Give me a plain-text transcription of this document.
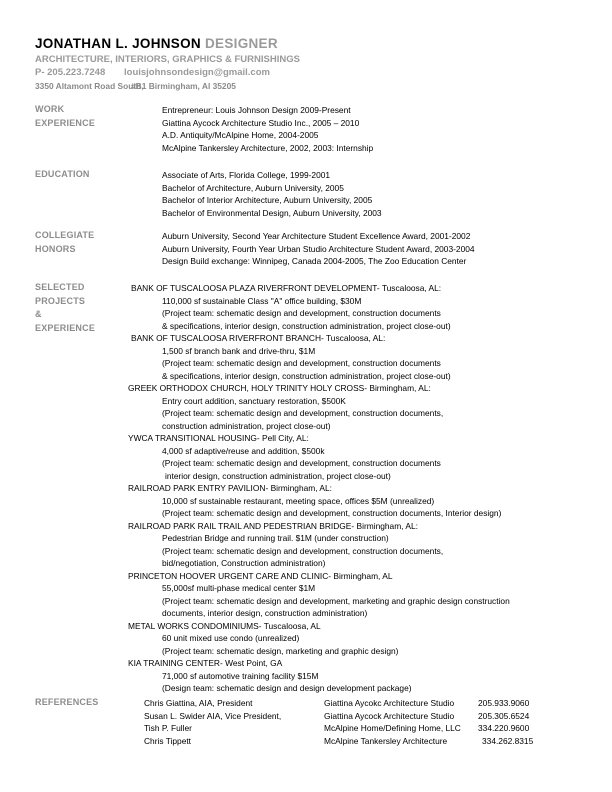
JONATHAN L. JOHNSON DESIGNER
ARCHITECTURE, INTERIORS, GRAPHICS & FURNISHINGS
P- 205.223.7248 louisjohnsondesign@gmail.com
3350 Altamont Road South,
#B1 Birmingham, Al 35205
WORK
EXPERIENCE
Entrepreneur: Louis Johnson Design 2009-Present
Giattina Aycock Architecture Studio Inc., 2005 – 2010
A.D. Antiquity/McAlpine Home, 2004-2005
McAlpine Tankersley Architecture, 2002, 2003: Internship
EDUCATION	Associate of Arts, Florida College, 1999-2001
Bachelor of Architecture, Auburn University, 2005
Bachelor of Interior Architecture, Auburn University, 2005
Bachelor of Environmental Design, Auburn University, 2003
COLLEGIATE
HONORS
Auburn University, Second Year Architecture Student Excellence Award, 2001-2002
Auburn University, Fourth Year Urban Studio Architecture Student Award, 2003-2004
Design Build exchange: Winnipeg, Canada 2004-2005, The Zoo Education Center
SELECTED
PROJECTS
&
EXPERIENCE
BANK OF TUSCALOOSA PLAZA RIVERFRONT DEVELOPMENT- Tuscaloosa, AL:
110,000 sf sustainable Class "A" office building, $30M
(Project team: schematic design and development, construction documents
& specifications, interior design, construction administration, project close-out)
BANK OF TUSCALOOSA RIVERFRONT BRANCH- Tuscaloosa, AL:
1,500 sf branch bank and drive-thru, $1M
(Project team: schematic design and development, construction documents
& specifications, interior design, construction administration, project close-out)
GREEK ORTHODOX CHURCH, HOLY TRINITY HOLY CROSS- Birmingham, AL:
Entry court addition, sanctuary restoration, $500K
(Project team: schematic design and development, construction documents,
construction administration, project close-out)
YWCA TRANSITIONAL HOUSING- Pell City, AL:
4,000 sf adaptive/reuse and addition, $500k
(Project team: schematic design and development, construction documents
interior design, construction administration, project close-out)
RAILROAD PARK ENTRY PAVILION- Birmingham, AL:
10,000 sf sustainable restaurant, meeting space, offices $5M (unrealized)
(Project team: schematic design and development, construction documents, Interior design)
RAILROAD PARK RAIL TRAIL AND PEDESTRIAN BRIDGE- Birmingham, AL:
Pedestrian Bridge and running trail. $1M (under construction)
(Project team: schematic design and development, construction documents,
bid/negotiation, Construction administration)
PRINCETON HOOVER URGENT CARE AND CLINIC- Birmingham, AL
55,000sf multi-phase medical center $1M
(Project team: schematic design and development, marketing and graphic design construction
documents, interior design, construction administration)
METAL WORKS CONDOMINIUMS- Tuscaloosa, AL
60 unit mixed use condo (unrealized)
(Project team: schematic design, marketing and graphic design)
KIA TRAINING CENTER- West Point, GA
71,000 sf automotive training facility $15M
(Design team: schematic design and design development package)
REFERENCES	Chris Giattina, AIA, President
Susan L. Swider AIA, Vice President,
Tish P. Fuller
Chris Tippett
Giattina Aycokc Architecture Studio
Giattina Aycock Architecture Studio
McAlpine Home/Defining Home, LLC
McAlpine Tankersley Architecture
205.933.9060
205.305.6524
334.220.9600
334.262.8315
